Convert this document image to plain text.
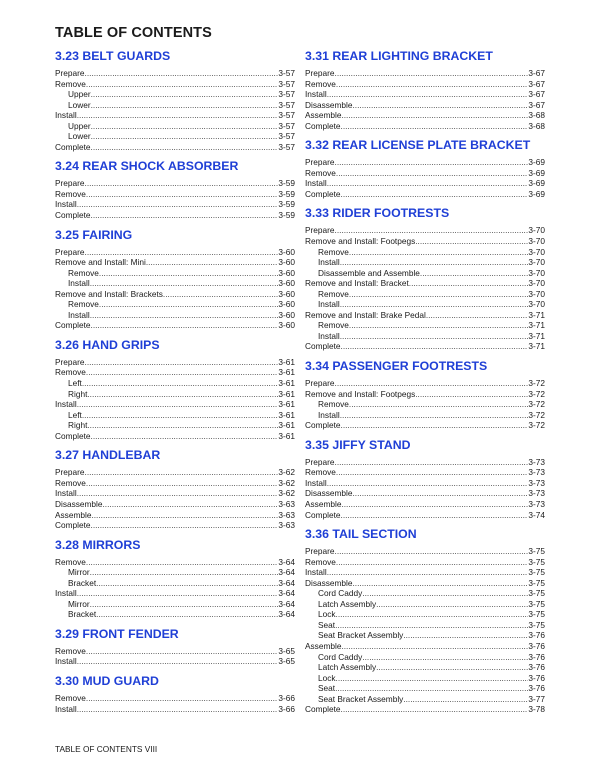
TABLE OF CONTENTS
3.23 BELT GUARDS
Prepare .....	3-57
Remove .....	3-57
Upper .....	3-57
Lower .....	3-57
Install .....	3-57
Upper .....	3-57
Lower .....	3-57
Complete .....	3-57
3.24 REAR SHOCK ABSORBER
Prepare .....	3-59
Remove .....	3-59
Install .....	3-59
Complete .....	3-59
3.25 FAIRING
Prepare .....	3-60
Remove and Install: Mini .....	3-60
Remove .....	3-60
Install .....	3-60
Remove and Install: Brackets .....	3-60
Remove .....	3-60
Install .....	3-60
Complete .....	3-60
3.26 HAND GRIPS
Prepare .....	3-61
Remove .....	3-61
Left .....	3-61
Right .....	3-61
Install .....	3-61
Left .....	3-61
Right .....	3-61
Complete .....	3-61
3.27 HANDLEBAR
Prepare .....	3-62
Remove .....	3-62
Install .....	3-62
Disassemble .....	3-63
Assemble .....	3-63
Complete .....	3-63
3.28 MIRRORS
Remove .....	3-64
Mirror .....	3-64
Bracket .....	3-64
Install .....	3-64
Mirror .....	3-64
Bracket .....	3-64
3.29 FRONT FENDER
Remove .....	3-65
Install .....	3-65
3.30 MUD GUARD
Remove .....	3-66
Install .....	3-66
3.31 REAR LIGHTING BRACKET
Prepare .....	3-67
Remove .....	3-67
Install .....	3-67
Disassemble .....	3-67
Assemble .....	3-68
Complete .....	3-68
3.32 REAR LICENSE PLATE BRACKET
Prepare .....	3-69
Remove .....	3-69
Install .....	3-69
Complete .....	3-69
3.33 RIDER FOOTRESTS
Prepare .....	3-70
Remove and Install: Footpegs .....	3-70
Remove .....	3-70
Install .....	3-70
Disassemble and Assemble .....	3-70
Remove and Install: Bracket .....	3-70
Remove .....	3-70
Install .....	3-70
Remove and Install: Brake Pedal .....	3-71
Remove .....	3-71
Install .....	3-71
Complete .....	3-71
3.34 PASSENGER FOOTRESTS
Prepare .....	3-72
Remove and Install: Footpegs .....	3-72
Remove .....	3-72
Install .....	3-72
Complete .....	3-72
3.35 JIFFY STAND
Prepare .....	3-73
Remove .....	3-73
Install .....	3-73
Disassemble .....	3-73
Assemble .....	3-73
Complete .....	3-74
3.36 TAIL SECTION
Prepare .....	3-75
Remove .....	3-75
Install .....	3-75
Disassemble .....	3-75
Cord Caddy .....	3-75
Latch Assembly .....	3-75
Lock .....	3-75
Seat .....	3-75
Seat Bracket Assembly .....	3-76
Assemble .....	3-76
Cord Caddy .....	3-76
Latch Assembly .....	3-76
Lock .....	3-76
Seat .....	3-76
Seat Bracket Assembly .....	3-77
Complete .....	3-78
TABLE OF CONTENTS VIII
